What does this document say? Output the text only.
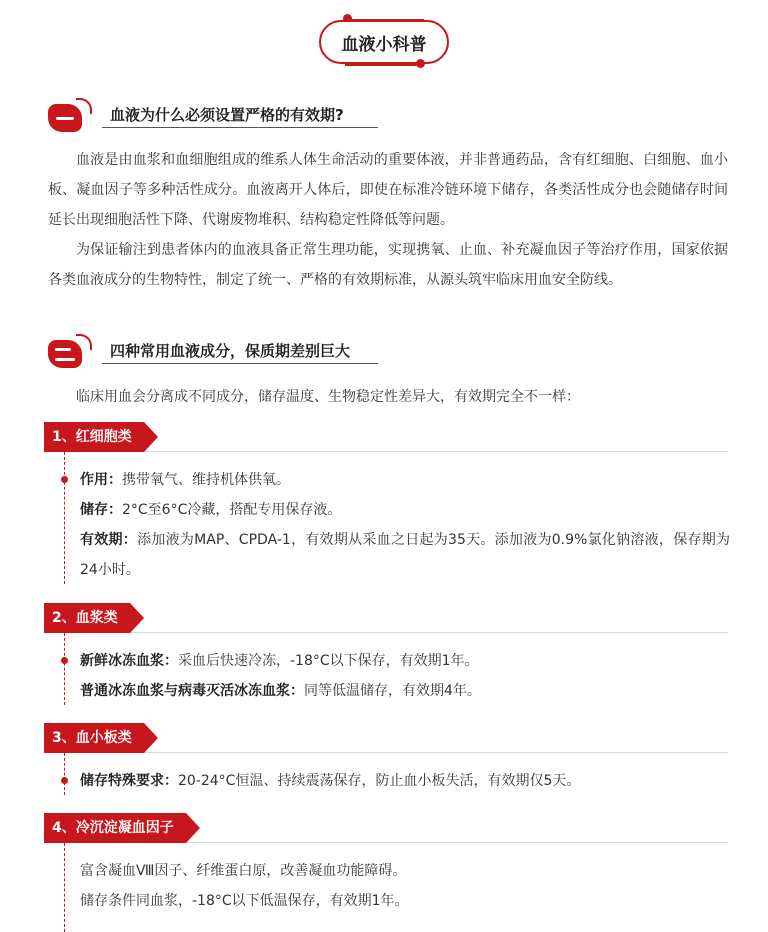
血液小科普
血液为什么必须设置严格的有效期?
血液是由血浆和血细胞组成的维系人体生命活动的重要体液，并非普通药品，含有红细胞、白细胞、血小板、凝血因子等多种活性成分。血液离开人体后，即使在标准冷链环境下储存，各类活性成分也会随储存时间延长出现细胞活性下降、代谢废物堆积、结构稳定性降低等问题。
为保证输注到患者体内的血液具备正常生理功能，实现携氧、止血、补充凝血因子等治疗作用，国家依据各类血液成分的生物特性，制定了统一、严格的有效期标准，从源头筑牢临床用血安全防线。
四种常用血液成分，保质期差别巨大
临床用血会分离成不同成分，储存温度、生物稳定性差异大，有效期完全不一样：
1、红细胞类
作用：携带氧气、维持机体供氧。
储存：2°C至6°C冷藏，搭配专用保存液。
有效期：添加液为MAP、CPDA-1，有效期从采血之日起为35天。添加液为0.9%氯化钠溶液，保存期为24小时。
2、血浆类
新鲜冰冻血浆：采血后快速冷冻，-18°C以下保存，有效期1年。
普通冰冻血浆与病毒灭活冰冻血浆：同等低温储存，有效期4年。
3、血小板类
储存特殊要求：20-24°C恒温、持续震荡保存，防止血小板失活，有效期仅5天。
4、冷沉淀凝血因子
富含凝血Ⅷ因子、纤维蛋白原，改善凝血功能障碍。
储存条件同血浆，-18°C以下低温保存，有效期1年。
